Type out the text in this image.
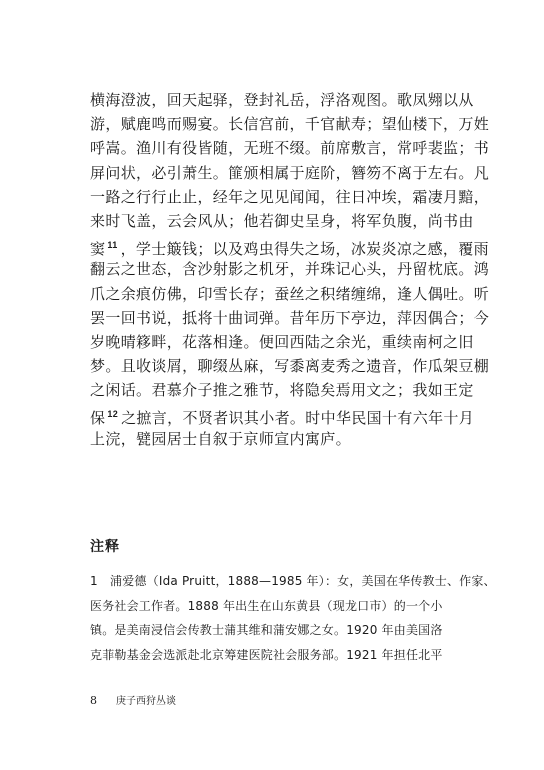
横海澄波，回天起驿，登封礼岳，浮洛观图。歌凤翙以从
游，赋鹿鸣而赐宴。长信宫前，千官献寿；望仙楼下，万姓
呼嵩。渔川有役皆随，无班不缀。前席敷言，常呼裴监；书
屏问状，必引萧生。篚颁相属于庭阶，簪笏不离于左右。凡
一路之行行止止，经年之见见闻闻，往日冲埃，霜凄月黯，
来时飞盖，云会风从；他若御史呈身，将军负腹，尚书由
窦 $^{11}$ ，学士簸钱；以及鸡虫得失之场，冰炭炎凉之感，覆雨
翻云之世态，含沙射影之机牙，并珠记心头，丹留枕底。鸿
爪之余痕仿佛，印雪长存；蚕丝之积绪缠绵，逢人偶吐。听
罢一回书说，抵将十曲词弹。昔年历下亭边，萍因偶合；今
岁晚晴簃畔，花落相逢。便回西陆之余光，重续南柯之旧
梦。且收谈屑，聊缀丛麻，写黍离麦秀之遗音，作瓜架豆棚
之闲话。君慕介子推之雅节，将隐矣焉用文之；我如王定
保 $^{12}$ 之摭言，不贤者识其小者。时中华民国十有六年十月
上浣，甓园居士自叙于京师宣内寓庐。
注释
1　浦爱德（Ida Pruitt，1888—1985 年）：女，美国在华传教士、作家、
医务社会工作者。1888 年出生在山东黄县（现龙口市）的一个小
镇。是美南浸信会传教士蒲其维和蒲安娜之女。1920 年由美国洛
克菲勒基金会选派赴北京筹建医院社会服务部。1921 年担任北平
8 庚子西狩丛谈
